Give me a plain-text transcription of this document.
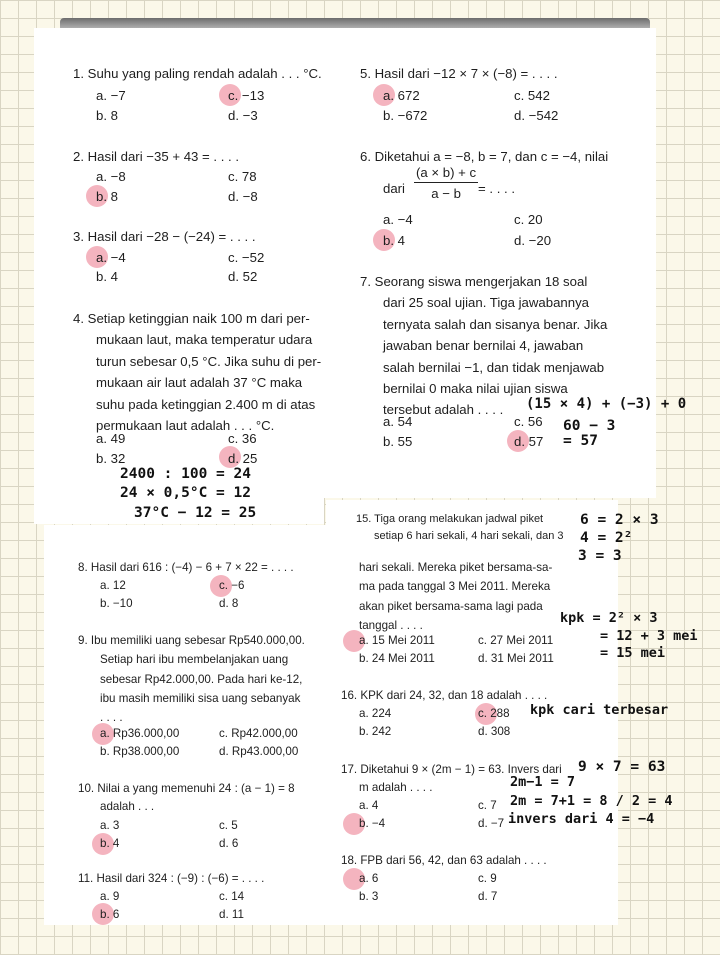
1. Suhu yang paling rendah adalah . . . °C.
a. −7	c. −13
b. 8	d. −3
2. Hasil dari −35 + 43 = . . . .
a. −8	c. 78
b. 8	d. −8
3. Hasil dari −28 − (−24) = . . . .
a. −4	c. −52
b. 4	d. 52
4. Setiap ketinggian naik 100 m dari per-
mukaan laut, maka temperatur udara
turun sebesar 0,5 °C. Jika suhu di per-
mukaan air laut adalah 37 °C maka
suhu pada ketinggian 2.400 m di atas
permukaan laut adalah . . . °C.
a. 49	c. 36
b. 32	d. 25
5. Hasil dari −12 × 7 × (−8) = . . . .
a. 672	c. 542
b. −672	d. −542
6. Diketahui a = −8, b = 7, dan c = −4, nilai
dari $\frac{(a \times b) + c}{a - b}$ = . . . .
a. −4	c. 20
b. 4	d. −20
7. Seorang siswa mengerjakan 18 soal
dari 25 soal ujian. Tiga jawabannya
ternyata salah dan sisanya benar. Jika
jawaban benar bernilai 4, jawaban
salah bernilai −1, dan tidak menjawab
bernilai 0 maka nilai ujian siswa
tersebut adalah . . . .
a. 54	c. 56
b. 55	d. 57
8. Hasil dari 616 : (−4) − 6 + 7 × 22 = . . . .
a. 12	c. −6
b. −10	d. 8
9. Ibu memiliki uang sebesar Rp540.000,00.
Setiap hari ibu membelanjakan uang
sebesar Rp42.000,00. Pada hari ke-12,
ibu masih memiliki sisa uang sebanyak
. . . .
a. Rp36.000,00	c. Rp42.000,00
b. Rp38.000,00	d. Rp43.000,00
10. Nilai a yang memenuhi 24 : (a − 1) = 8
adalah . . .
a. 3	c. 5
b. 4	d. 6
11. Hasil dari 324 : (−9) : (−6) = . . . .
a. 9	c. 14
b. 6	d. 11
15. Tiga orang melakukan jadwal piket
setiap 6 hari sekali, 4 hari sekali, dan 3
hari sekali. Mereka piket bersama-sa-
ma pada tanggal 3 Mei 2011. Mereka
akan piket bersama-sama lagi pada
tanggal . . . .
a. 15 Mei 2011	c. 27 Mei 2011
b. 24 Mei 2011	d. 31 Mei 2011
16. KPK dari 24, 32, dan 18 adalah . . . .
a. 224	c. 288
b. 242	d. 308
17. Diketahui 9 × (2m − 1) = 63. Invers dari
m adalah . . . .
a. 4	c. 7
b. −4	d. −7
18. FPB dari 56, 42, dan 63 adalah . . . .
a. 6	c. 9
b. 3	d. 7
(15 × 4) + (−3) + 0
60 − 3
= 57
2400 : 100 = 24
24 × 0,5°C = 12
37°C − 12 = 25	6 = 2 × 3
4 = 2²
3 = 3
kpk = 2² × 3
= 12 + 3 mei
= 15 mei
kpk cari terbesar
9 × 7 = 63
2m−1 = 7
2m = 7+1 = 8 / 2 = 4
invers dari 4 = −4
